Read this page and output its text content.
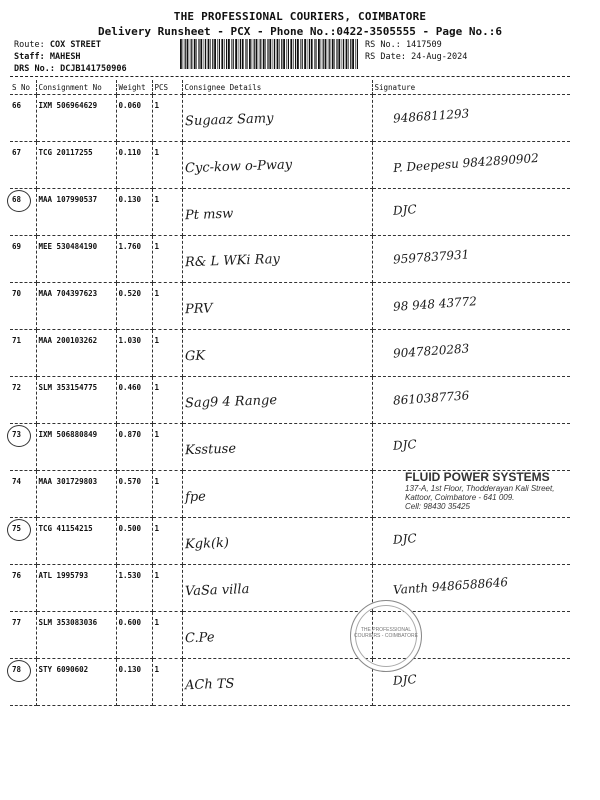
THE PROFESSIONAL COURIERS, COIMBATORE
Delivery Runsheet - PCX - Phone No.:0422-3505555 - Page No.:6
Route: COX STREET
Staff: MAHESH
DRS No.: DCJB141750906
RS No.: 1417509
RS Date: 24-Aug-2024
S No	Consignment No	Weight	PCS	Consignee Details	Signature
66	IXM 506964629	0.060	1	Sugaaz Samy	9486811293
67	TCG 20117255	0.110	1	Cyc-kow o-Pway	P. Deepesu 9842890902
68	MAA 107990537	0.130	1	Pt msw	DJC
69	MEE 530484190	1.760	1	R& L WKi Ray	9597837931
70	MAA 704397623	0.520	1	PRV	98 948 43772
71	MAA 200103262	1.030	1	GK	9047820283
72	SLM 353154775	0.460	1	Sag9 4 Range	8610387736
73	IXM 506880849	0.870	1	Ksstuse	DJC
74	MAA 301729803	0.570	1	fpe	

75	TCG 41154215	0.500	1	Kgk(k)	DJC
76	ATL 1995793	1.530	1	VaSa villa	Vanth 9486588646
77	SLM 353083036	0.600	1	C.Pe	

78	STY 6090602	0.130	1	ACh TS	DJC
FLUID POWER SYSTEMS
137-A, 1st Floor, Thodderayan Kali Street,
Kattoor, Coimbatore - 641 009.
Cell: 98430 35425
THE PROFESSIONAL COURIERS - COIMBATORE
